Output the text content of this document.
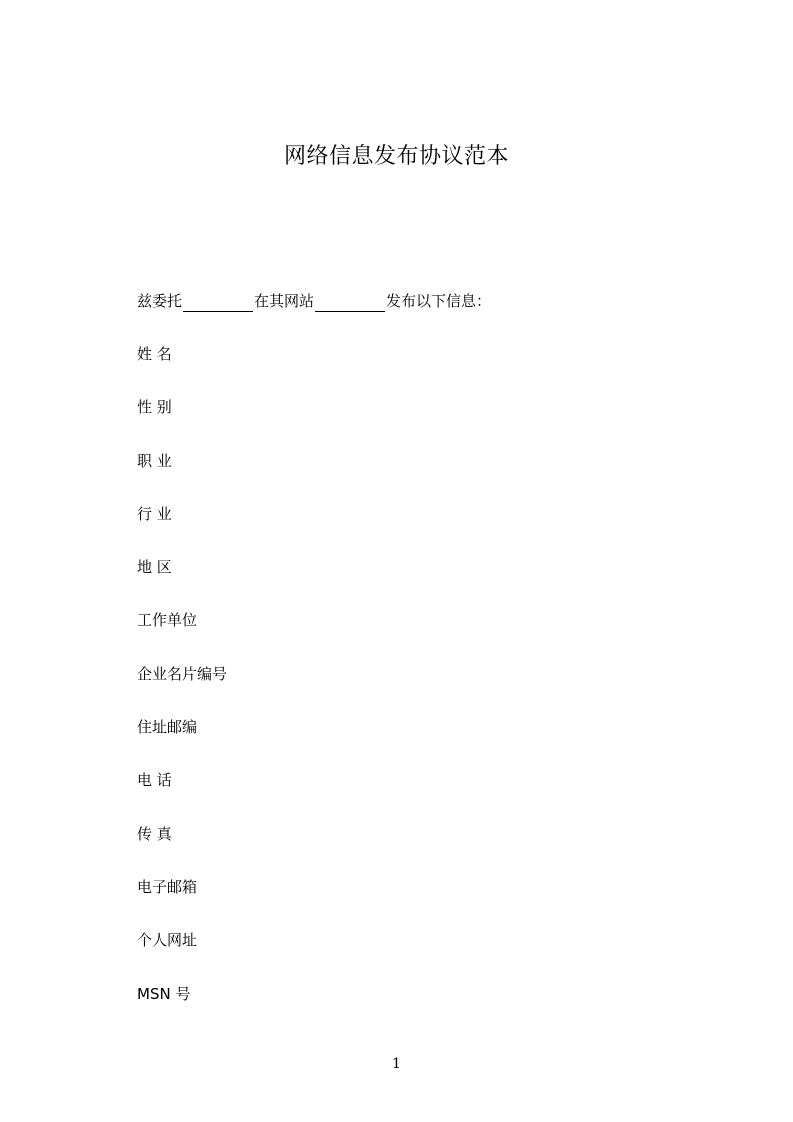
网络信息发布协议范本
兹委托	在其网站	发布以下信息：
姓 名
性 别
职 业
行 业
地 区
工作单位
企业名片编号
住址邮编
电 话
传 真
电子邮箱
个人网址
MSN 号
1
